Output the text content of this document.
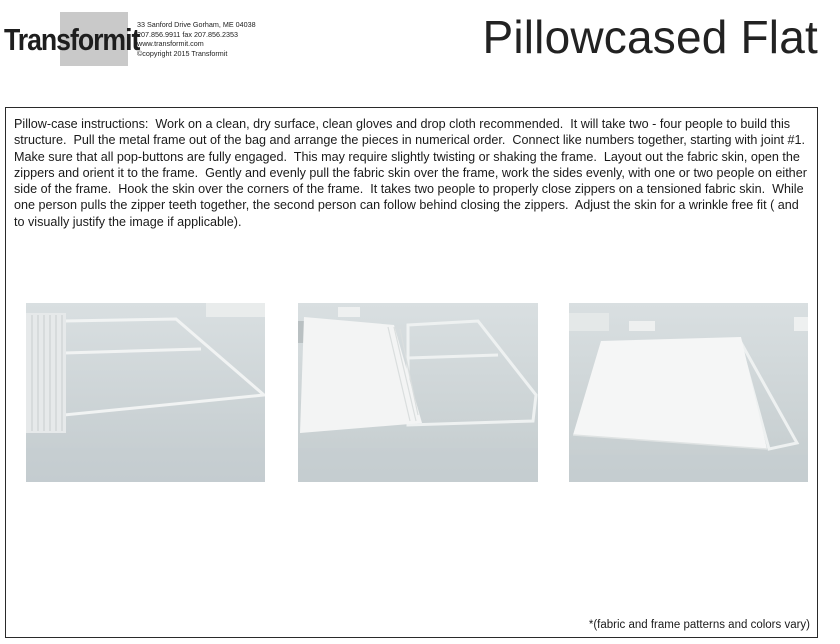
Transformit
33 Sanford Drive Gorham, ME 04038
207.856.9911 fax 207.856.2353
www.transformit.com
©copyright 2015 Transformit	Pillowcased Flat

Pillow-case instructions:  Work on a clean, dry surface, clean gloves and drop cloth recommended.  It will take two - four people to build this structure.  Pull the metal frame out of the bag and arrange the pieces in numerical order.  Connect like numbers together, starting with joint #1.  Make sure that all pop-buttons are fully engaged.  This may require slightly twisting or shaking the frame.  Layout out the fabric skin, open the zippers and orient it to the frame.  Gently and evenly pull the fabric skin over the frame, work the sides evenly, with one or two people on either side of the frame.  Hook the skin over the corners of the frame.  It takes two people to properly close zippers on a tensioned fabric skin.  While one person pulls the zipper teeth together, the second person can follow behind closing the zippers.  Adjust the skin for a wrinkle free fit ( and to visually justify the image if applicable).

*(fabric and frame patterns and colors vary)
